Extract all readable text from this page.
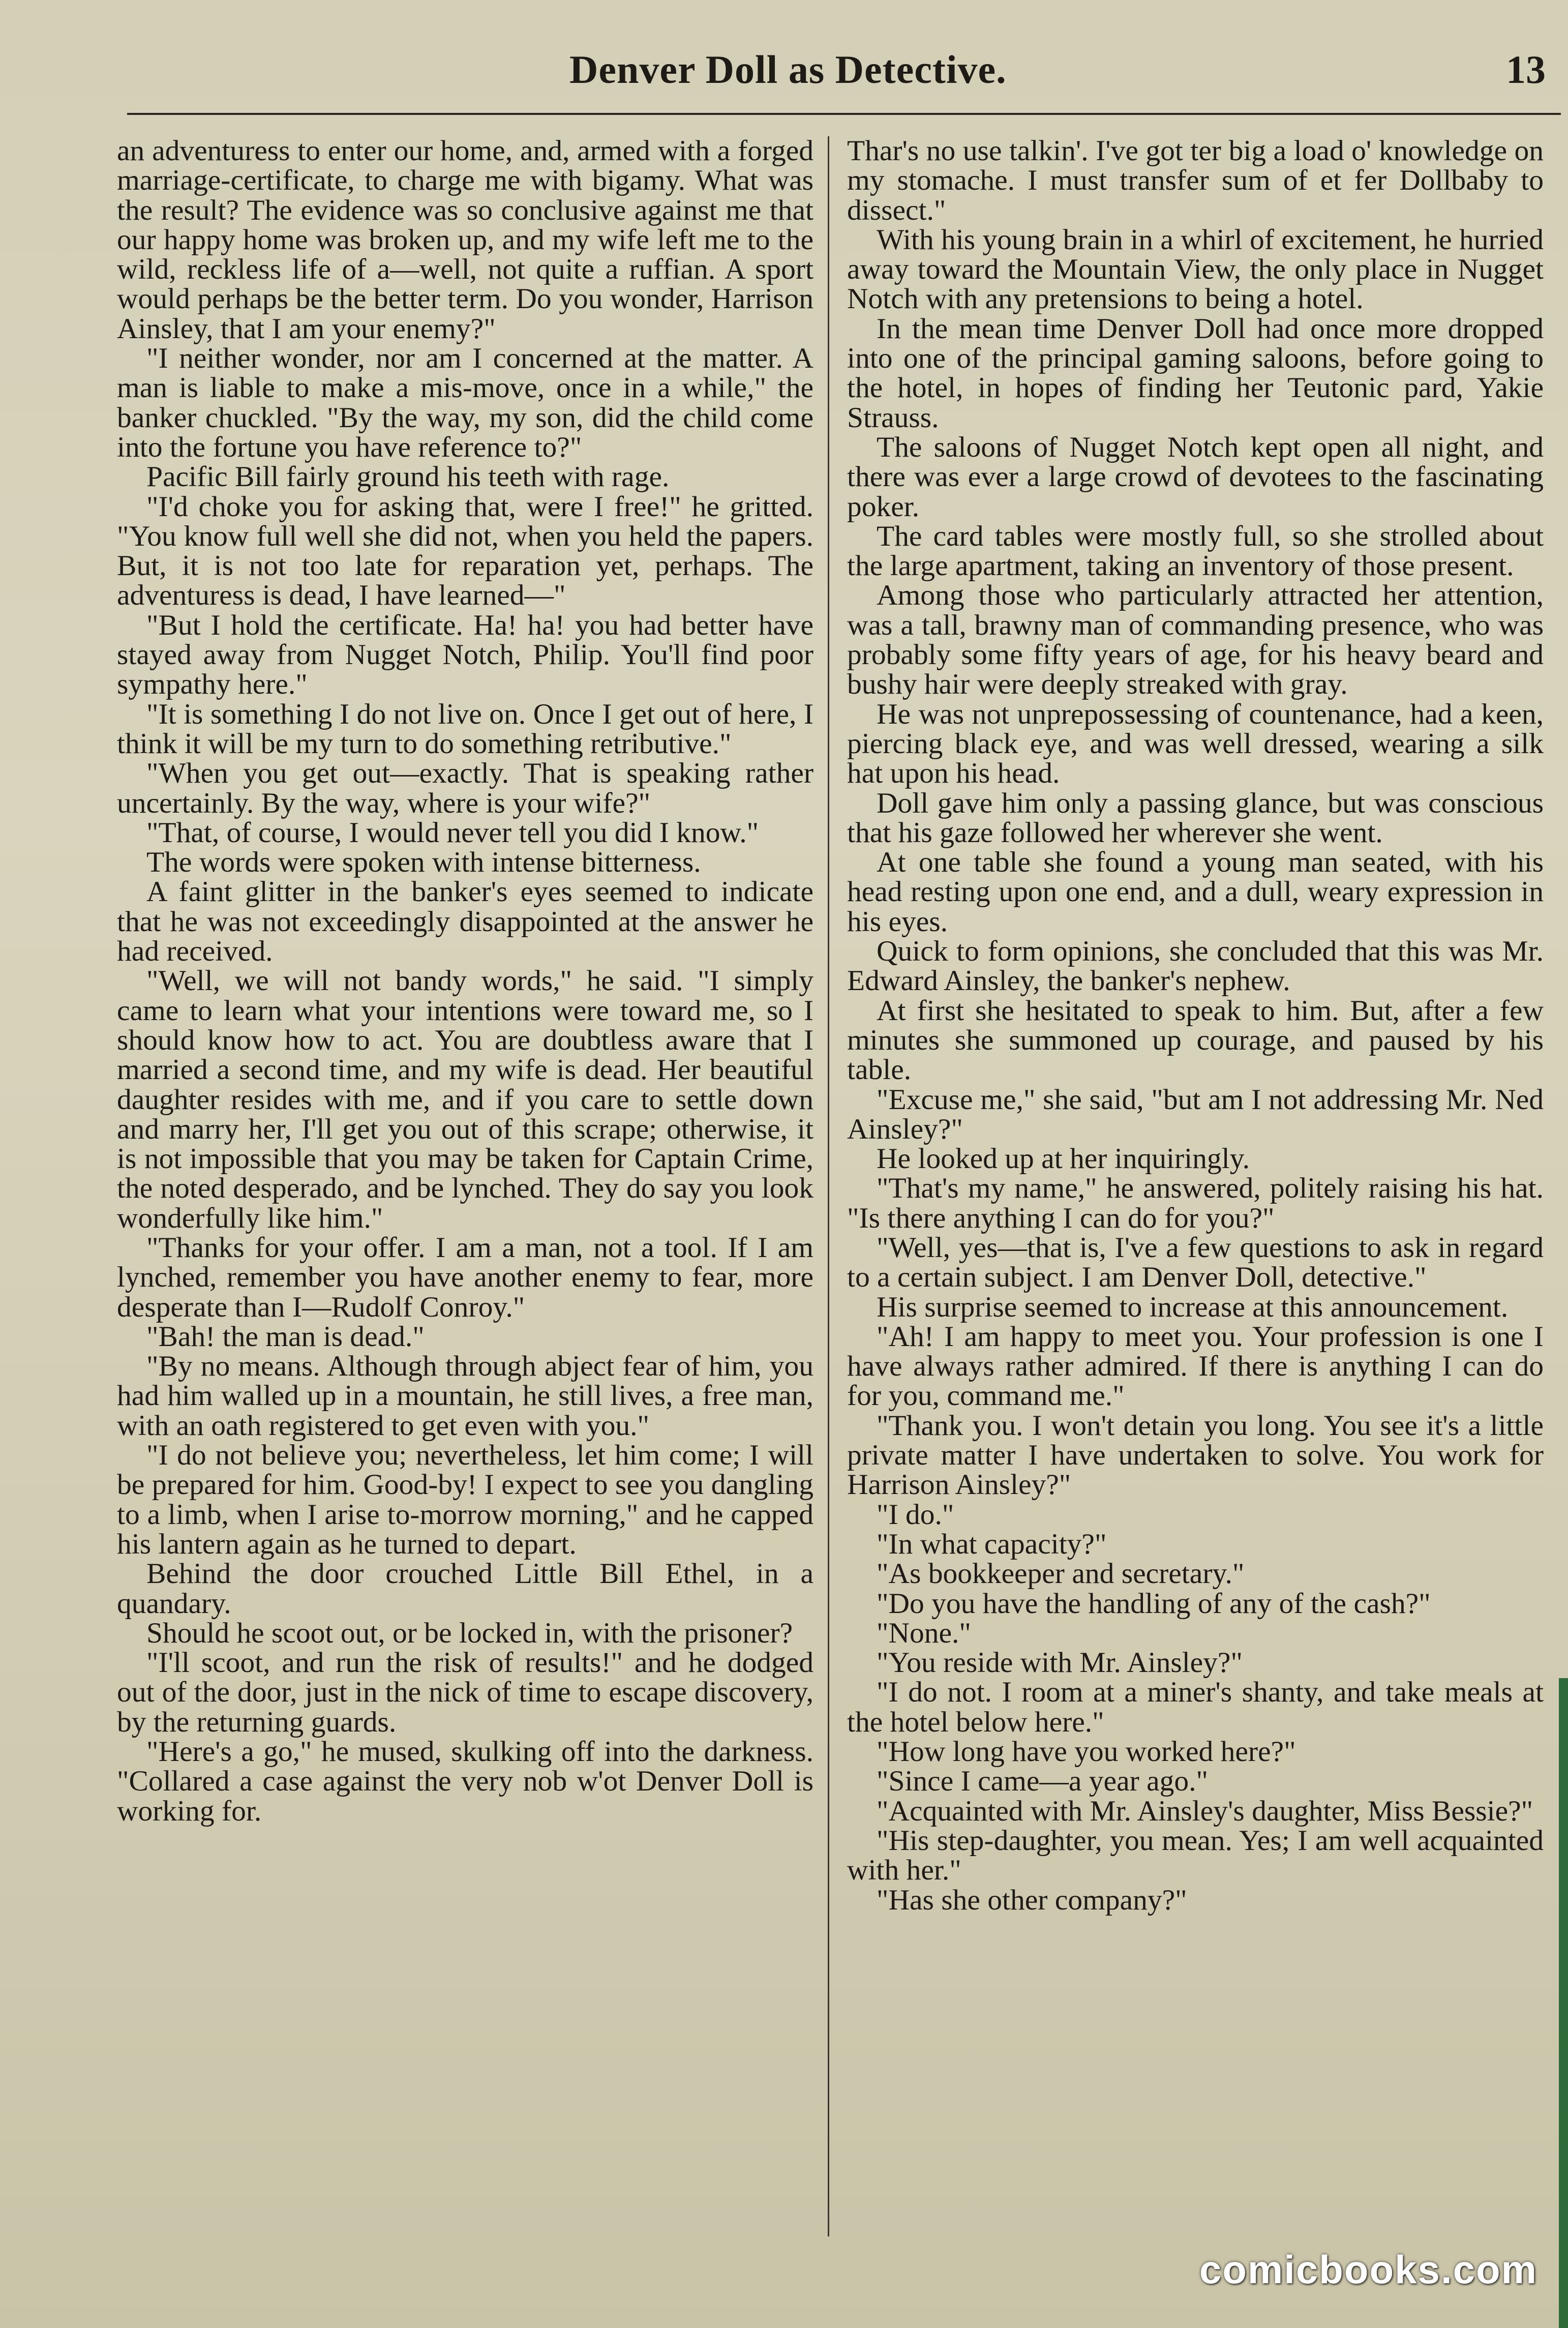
Denver Doll as Detective.	13

an adventuress to enter our home, and, armed with a forged marriage-certificate, to charge me with bigamy. What was the result? The evidence was so conclusive against me that our happy home was broken up, and my wife left me to the wild, reckless life of a—well, not quite a ruffian. A sport would perhaps be the better term. Do you wonder, Harrison Ainsley, that I am your enemy?"

"I neither wonder, nor am I concerned at the matter. A man is liable to make a mis-move, once in a while," the banker chuckled. "By the way, my son, did the child come into the fortune you have reference to?"

Pacific Bill fairly ground his teeth with rage.

"I'd choke you for asking that, were I free!" he gritted. "You know full well she did not, when you held the papers. But, it is not too late for reparation yet, perhaps. The adventuress is dead, I have learned—"

"But I hold the certificate. Ha! ha! you had better have stayed away from Nugget Notch, Philip. You'll find poor sympathy here."

"It is something I do not live on. Once I get out of here, I think it will be my turn to do something retributive."

"When you get out—exactly. That is speaking rather uncertainly. By the way, where is your wife?"

"That, of course, I would never tell you did I know."

The words were spoken with intense bitterness.

A faint glitter in the banker's eyes seemed to indicate that he was not exceedingly disappointed at the answer he had received.

"Well, we will not bandy words," he said. "I simply came to learn what your intentions were toward me, so I should know how to act. You are doubtless aware that I married a second time, and my wife is dead. Her beautiful daughter resides with me, and if you care to settle down and marry her, I'll get you out of this scrape; otherwise, it is not impossible that you may be taken for Captain Crime, the noted desperado, and be lynched. They do say you look wonderfully like him."

"Thanks for your offer. I am a man, not a tool. If I am lynched, remember you have another enemy to fear, more desperate than I—Rudolf Conroy."

"Bah! the man is dead."

"By no means. Although through abject fear of him, you had him walled up in a mountain, he still lives, a free man, with an oath registered to get even with you."

"I do not believe you; nevertheless, let him come; I will be prepared for him. Good-by! I expect to see you dangling to a limb, when I arise to-morrow morning," and he capped his lantern again as he turned to depart.

Behind the door crouched Little Bill Ethel, in a quandary.

Should he scoot out, or be locked in, with the prisoner?

"I'll scoot, and run the risk of results!" and he dodged out of the door, just in the nick of time to escape discovery, by the returning guards.

"Here's a go," he mused, skulking off into the darkness. "Collared a case against the very nob w'ot Denver Doll is working for.

Thar's no use talkin'. I've got ter big a load o' knowledge on my stomache. I must transfer sum of et fer Dollbaby to dissect."

With his young brain in a whirl of excitement, he hurried away toward the Mountain View, the only place in Nugget Notch with any pretensions to being a hotel.

In the mean time Denver Doll had once more dropped into one of the principal gaming saloons, before going to the hotel, in hopes of finding her Teutonic pard, Yakie Strauss.

The saloons of Nugget Notch kept open all night, and there was ever a large crowd of devotees to the fascinating poker.

The card tables were mostly full, so she strolled about the large apartment, taking an inventory of those present.

Among those who particularly attracted her attention, was a tall, brawny man of commanding presence, who was probably some fifty years of age, for his heavy beard and bushy hair were deeply streaked with gray.

He was not unprepossessing of countenance, had a keen, piercing black eye, and was well dressed, wearing a silk hat upon his head.

Doll gave him only a passing glance, but was conscious that his gaze followed her wherever she went.

At one table she found a young man seated, with his head resting upon one end, and a dull, weary expression in his eyes.

Quick to form opinions, she concluded that this was Mr. Edward Ainsley, the banker's nephew.

At first she hesitated to speak to him. But, after a few minutes she summoned up courage, and paused by his table.

"Excuse me," she said, "but am I not addressing Mr. Ned Ainsley?"

He looked up at her inquiringly.

"That's my name," he answered, politely raising his hat. "Is there anything I can do for you?"

"Well, yes—that is, I've a few questions to ask in regard to a certain subject. I am Denver Doll, detective."

His surprise seemed to increase at this announcement.

"Ah! I am happy to meet you. Your profession is one I have always rather admired. If there is anything I can do for you, command me."

"Thank you. I won't detain you long. You see it's a little private matter I have undertaken to solve. You work for Harrison Ainsley?"

"I do."

"In what capacity?"

"As bookkeeper and secretary."

"Do you have the handling of any of the cash?"

"None."

"You reside with Mr. Ainsley?"

"I do not. I room at a miner's shanty, and take meals at the hotel below here."

"How long have you worked here?"

"Since I came—a year ago."

"Acquainted with Mr. Ainsley's daughter, Miss Bessie?"

"His step-daughter, you mean. Yes; I am well acquainted with her."

"Has she other company?"

comicbooks.com
